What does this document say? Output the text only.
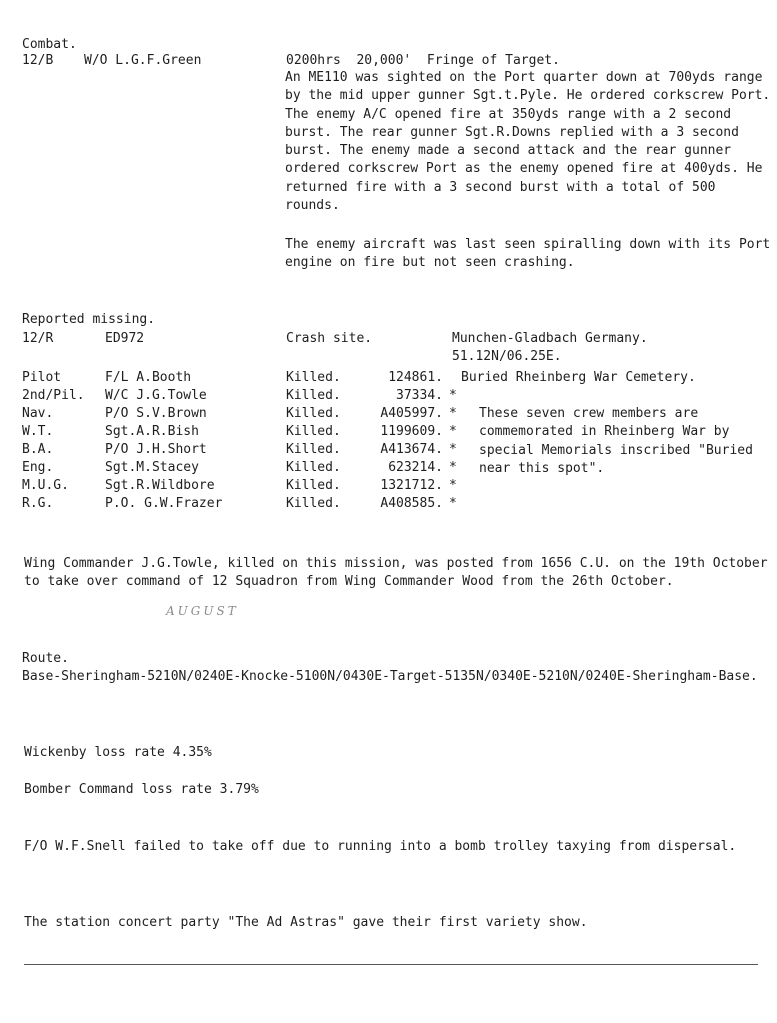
Combat.
12/B W/O L.G.F.Green	0200hrs  20,000'  Fringe of Target.
An ME110 was sighted on the Port quarter down at 700yds range by the mid upper gunner Sgt.t.Pyle. He ordered corkscrew Port. The enemy A/C opened fire at 350yds range with a 2 second burst. The rear gunner Sgt.R.Downs replied with a 3 second burst. The enemy made a second attack and the rear gunner ordered corkscrew Port as the enemy opened fire at 400yds. He returned fire with a 3 second burst with a total of 500 rounds.
The enemy aircraft was last seen spiralling down with its Port engine on fire but not seen crashing.
Reported missing.
12/R	ED972	Crash site.	Munchen-Gladbach Germany.
51.12N/06.25E.
Pilot	F/L A.Booth	Killed.	124861. Buried Rheinberg War Cemetery.
2nd/Pil. W/C J.G.Towle	Killed.	37334. *
Nav.	P/O S.V.Brown	Killed.	A405997. *
W.T.	Sgt.A.R.Bish	Killed.	1199609. *
B.A.	P/O J.H.Short	Killed.	A413674. *
Eng.	Sgt.M.Stacey	Killed.	623214. *
M.U.G.	Sgt.R.Wildbore	Killed.	1321712. *
R.G.	P.O. G.W.Frazer	Killed.	A408585. *
These seven crew members are commemorated in Rheinberg War by special Memorials inscribed "Buried near this spot".
Wing Commander J.G.Towle, killed on this mission, was posted from 1656 C.U. on the 19th October to take over command of 12 Squadron from Wing Commander Wood from the 26th October.
AUGUST
Route.
Base-Sheringham-5210N/0240E-Knocke-5100N/0430E-Target-5135N/0340E-5210N/0240E-Sheringham-Base.
Wickenby loss rate 4.35%
Bomber Command loss rate 3.79%
F/O W.F.Snell failed to take off due to running into a bomb trolley taxying from dispersal.
The station concert party "The Ad Astras" gave their first variety show.
